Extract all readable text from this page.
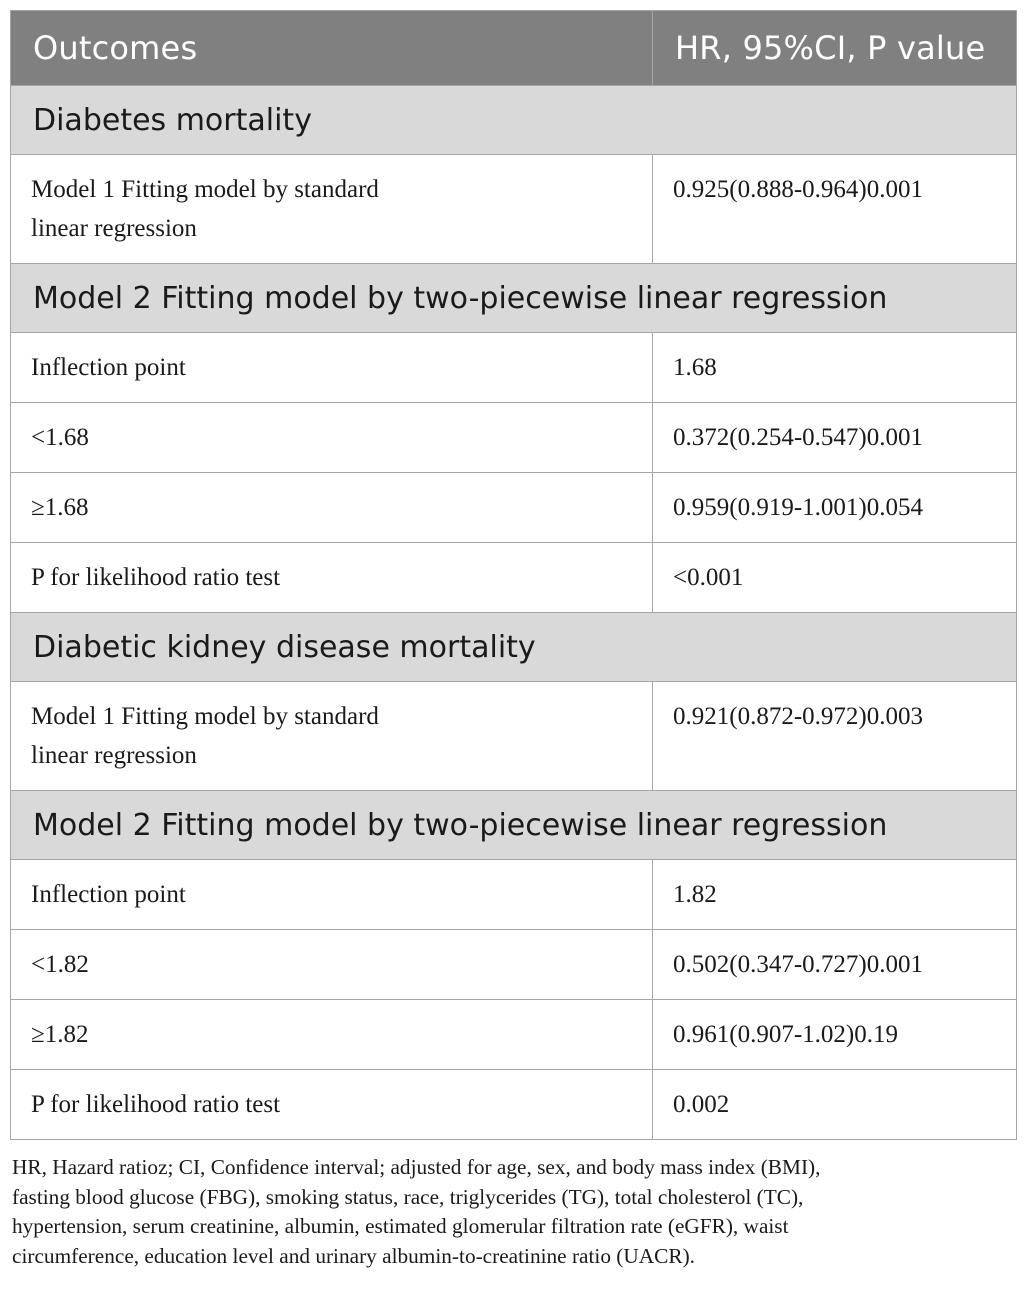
Outcomes	HR, 95%CI, P value
Diabetes mortality	
Model 1 Fitting model by standard
linear regression	0.925(0.888-0.964)0.001
Model 2 Fitting model by two-piecewise linear regression	
Inflection point	1.68
<1.68	0.372(0.254-0.547)0.001
≥1.68	0.959(0.919-1.001)0.054
P for likelihood ratio test	<0.001
Diabetic kidney disease mortality	
Model 1 Fitting model by standard
linear regression	0.921(0.872-0.972)0.003
Model 2 Fitting model by two-piecewise linear regression	
Inflection point	1.82
<1.82	0.502(0.347-0.727)0.001
≥1.82	0.961(0.907-1.02)0.19
P for likelihood ratio test	0.002

HR, Hazard ratioz; CI, Confidence interval; adjusted for age, sex, and body mass index (BMI),
fasting blood glucose (FBG), smoking status, race, triglycerides (TG), total cholesterol (TC),
hypertension, serum creatinine, albumin, estimated glomerular filtration rate (eGFR), waist
circumference, education level and urinary albumin-to-creatinine ratio (UACR).
